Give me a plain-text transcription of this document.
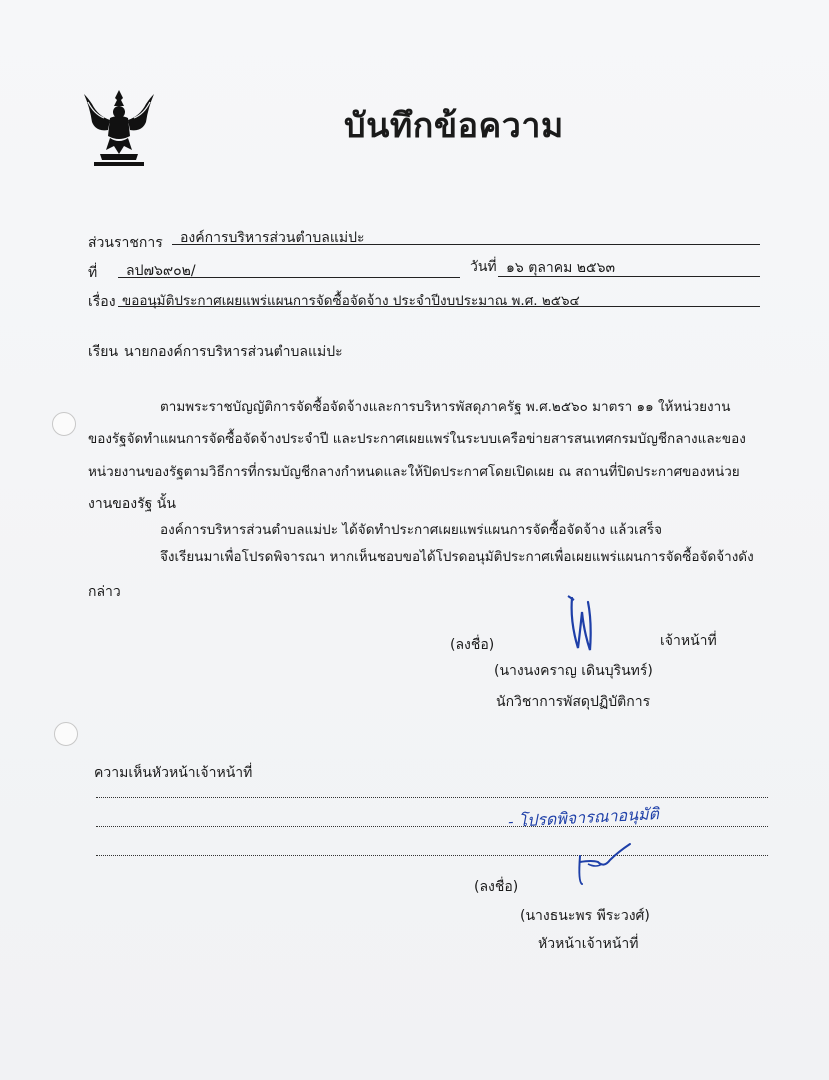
บันทึกข้อความ
ส่วนราชการ องค์การบริหารส่วนตำบลแม่ปะ
ที่ ลป๗๖๙๐๒/	วันที่ ๑๖ ตุลาคม ๒๕๖๓
เรื่อง ขออนุมัติประกาศเผยแพร่แผนการจัดซื้อจัดจ้าง ประจำปีงบประมาณ พ.ศ. ๒๕๖๔
เรียน นายกองค์การบริหารส่วนตำบลแม่ปะ
ตามพระราชบัญญัติการจัดซื้อจัดจ้างและการบริหารพัสดุภาครัฐ พ.ศ.๒๕๖๐ มาตรา ๑๑ ให้หน่วยงาน
ของรัฐจัดทำแผนการจัดซื้อจัดจ้างประจำปี และประกาศเผยแพร่ในระบบเครือข่ายสารสนเทศกรมบัญชีกลางและของ
หน่วยงานของรัฐตามวิธีการที่กรมบัญชีกลางกำหนดและให้ปิดประกาศโดยเปิดเผย ณ สถานที่ปิดประกาศของหน่วย
งานของรัฐ นั้น
องค์การบริหารส่วนตำบลแม่ปะ ได้จัดทำประกาศเผยแพร่แผนการจัดซื้อจัดจ้าง แล้วเสร็จ
จึงเรียนมาเพื่อโปรดพิจารณา หากเห็นชอบขอได้โปรดอนุมัติประกาศเพื่อเผยแพร่แผนการจัดซื้อจัดจ้างดัง
กล่าว
(ลงชื่อ)	เจ้าหน้าที่
(นางนงคราญ เดินบุรินทร์)
นักวิชาการพัสดุปฏิบัติการ
ความเห็นหัวหน้าเจ้าหน้าที่
- โปรดพิจารณาอนุมัติ
(ลงชื่อ)
(นางธนะพร พีระวงศ์)
หัวหน้าเจ้าหน้าที่
